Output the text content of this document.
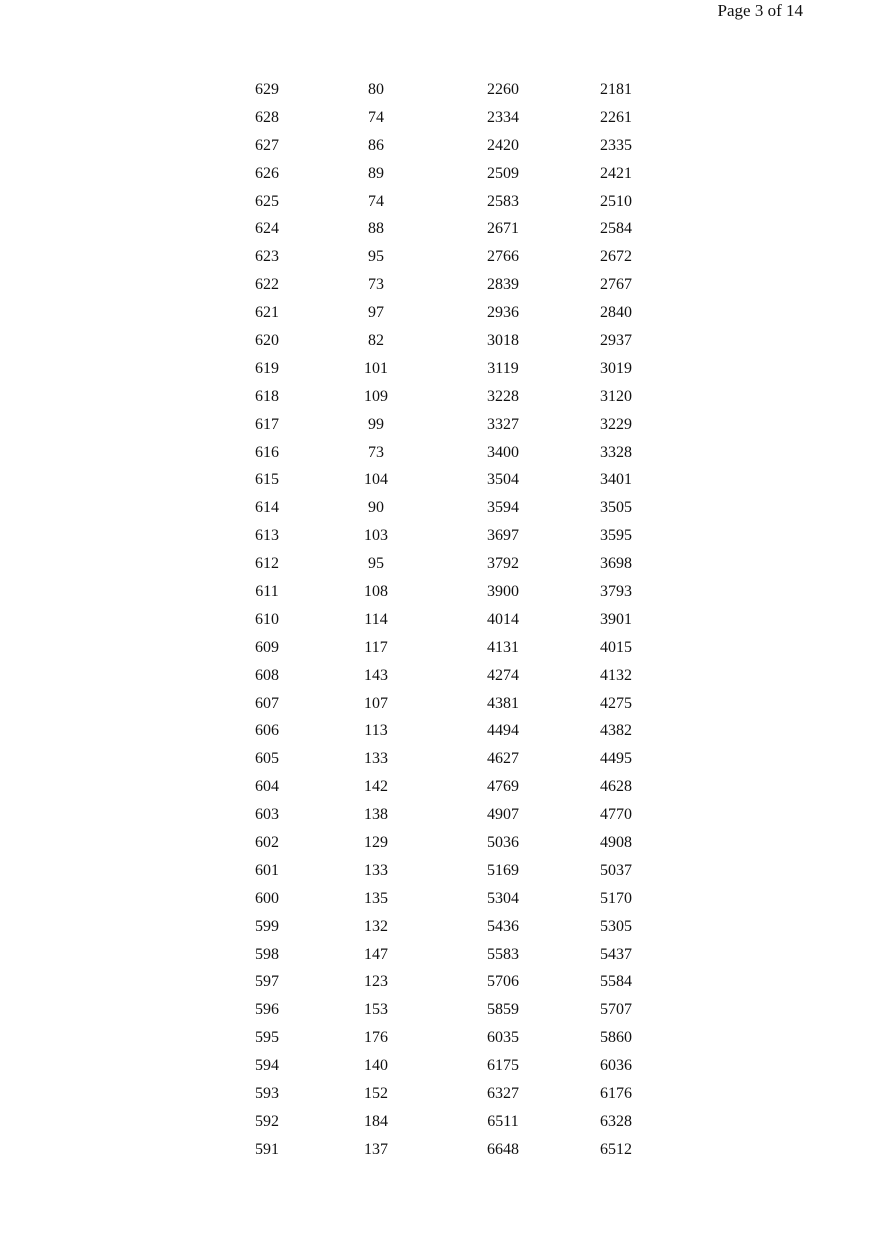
Page 3 of 14
629	80	2260	2181
628	74	2334	2261
627	86	2420	2335
626	89	2509	2421
625	74	2583	2510
624	88	2671	2584
623	95	2766	2672
622	73	2839	2767
621	97	2936	2840
620	82	3018	2937
619	101	3119	3019
618	109	3228	3120
617	99	3327	3229
616	73	3400	3328
615	104	3504	3401
614	90	3594	3505
613	103	3697	3595
612	95	3792	3698
611	108	3900	3793
610	114	4014	3901
609	117	4131	4015
608	143	4274	4132
607	107	4381	4275
606	113	4494	4382
605	133	4627	4495
604	142	4769	4628
603	138	4907	4770
602	129	5036	4908
601	133	5169	5037
600	135	5304	5170
599	132	5436	5305
598	147	5583	5437
597	123	5706	5584
596	153	5859	5707
595	176	6035	5860
594	140	6175	6036
593	152	6327	6176
592	184	6511	6328
591	137	6648	6512
